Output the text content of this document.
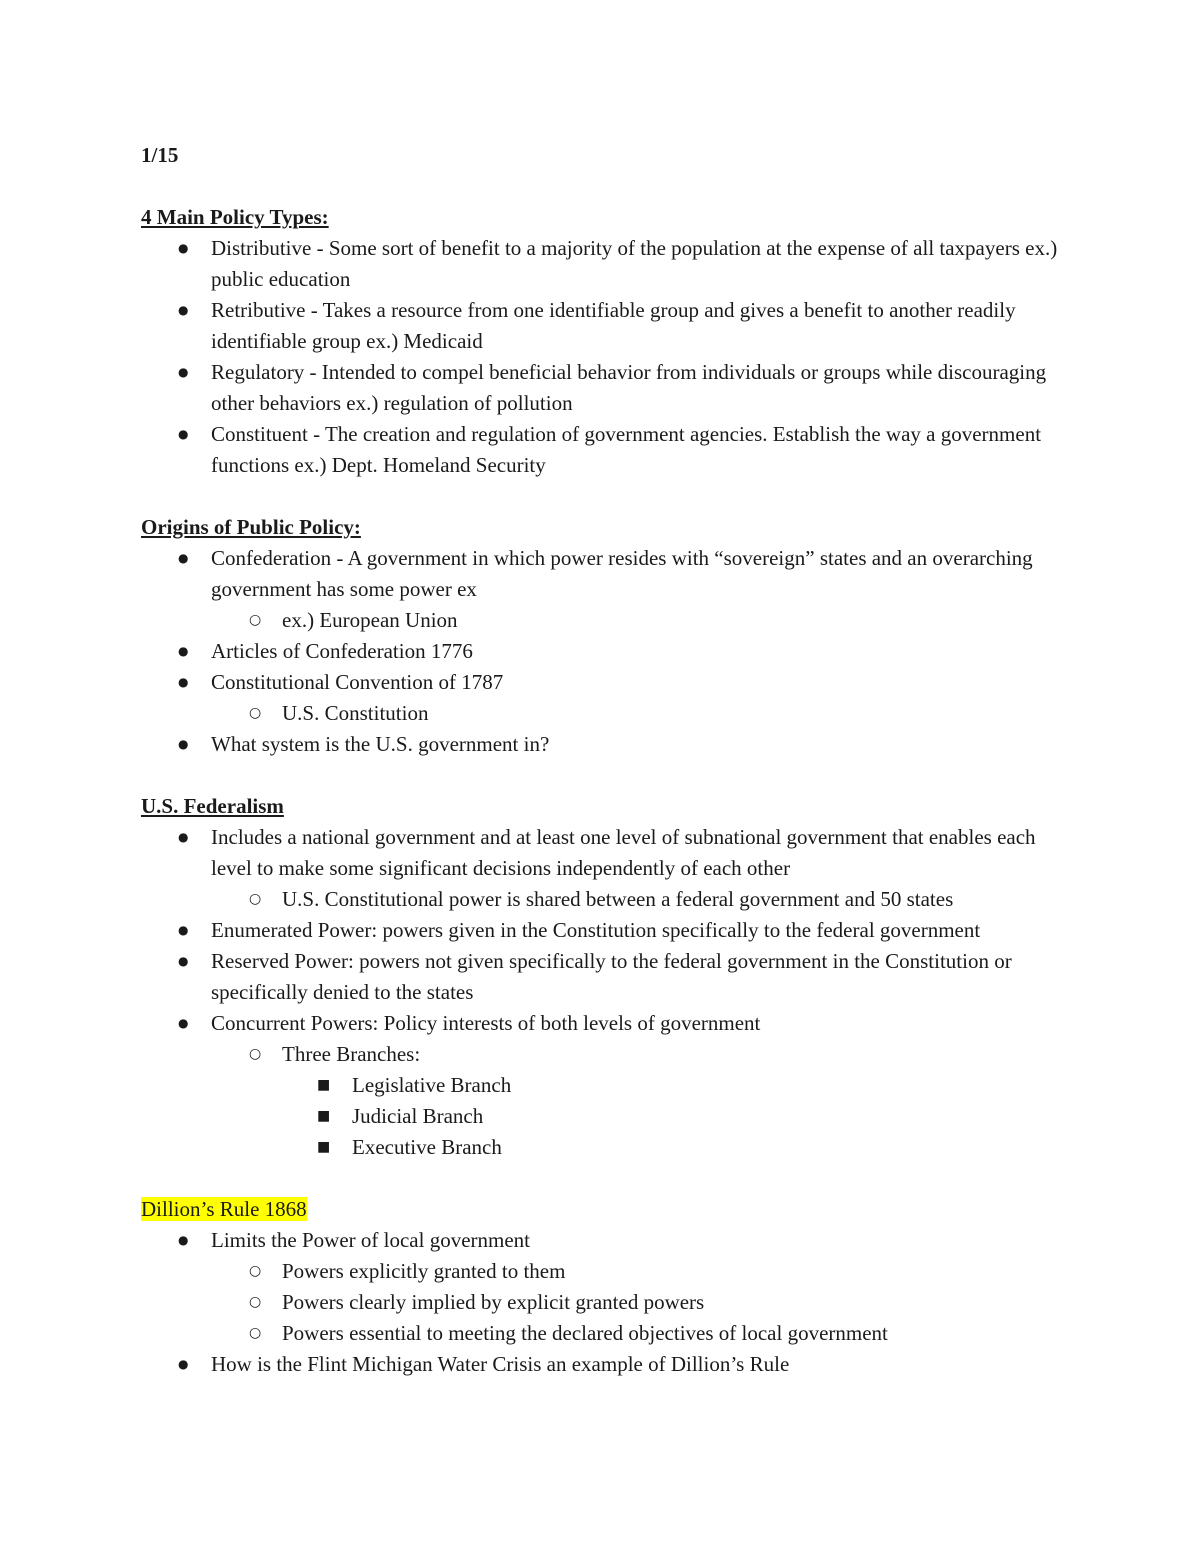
1/15
4 Main Policy Types:
● Distributive - Some sort of benefit to a majority of the population at the expense of all taxpayers ex.) public education
● Retributive - Takes a resource from one identifiable group and gives a benefit to another readily identifiable group ex.) Medicaid
● Regulatory - Intended to compel beneficial behavior from individuals or groups while discouraging other behaviors ex.) regulation of pollution
● Constituent - The creation and regulation of government agencies. Establish the way a government functions ex.) Dept. Homeland Security
Origins of Public Policy:
● Confederation - A government in which power resides with “sovereign” states and an overarching government has some power ex
○ ex.) European Union
● Articles of Confederation 1776
● Constitutional Convention of 1787
○ U.S. Constitution
● What system is the U.S. government in?
U.S. Federalism
● Includes a national government and at least one level of subnational government that enables each level to make some significant decisions independently of each other
○ U.S. Constitutional power is shared between a federal government and 50 states
● Enumerated Power: powers given in the Constitution specifically to the federal government
● Reserved Power: powers not given specifically to the federal government in the Constitution or specifically denied to the states
● Concurrent Powers: Policy interests of both levels of government
○ Three Branches:
■ Legislative Branch
■ Judicial Branch
■ Executive Branch
Dillion’s Rule 1868
● Limits the Power of local government
○ Powers explicitly granted to them
○ Powers clearly implied by explicit granted powers
○ Powers essential to meeting the declared objectives of local government
● How is the Flint Michigan Water Crisis an example of Dillion’s Rule
